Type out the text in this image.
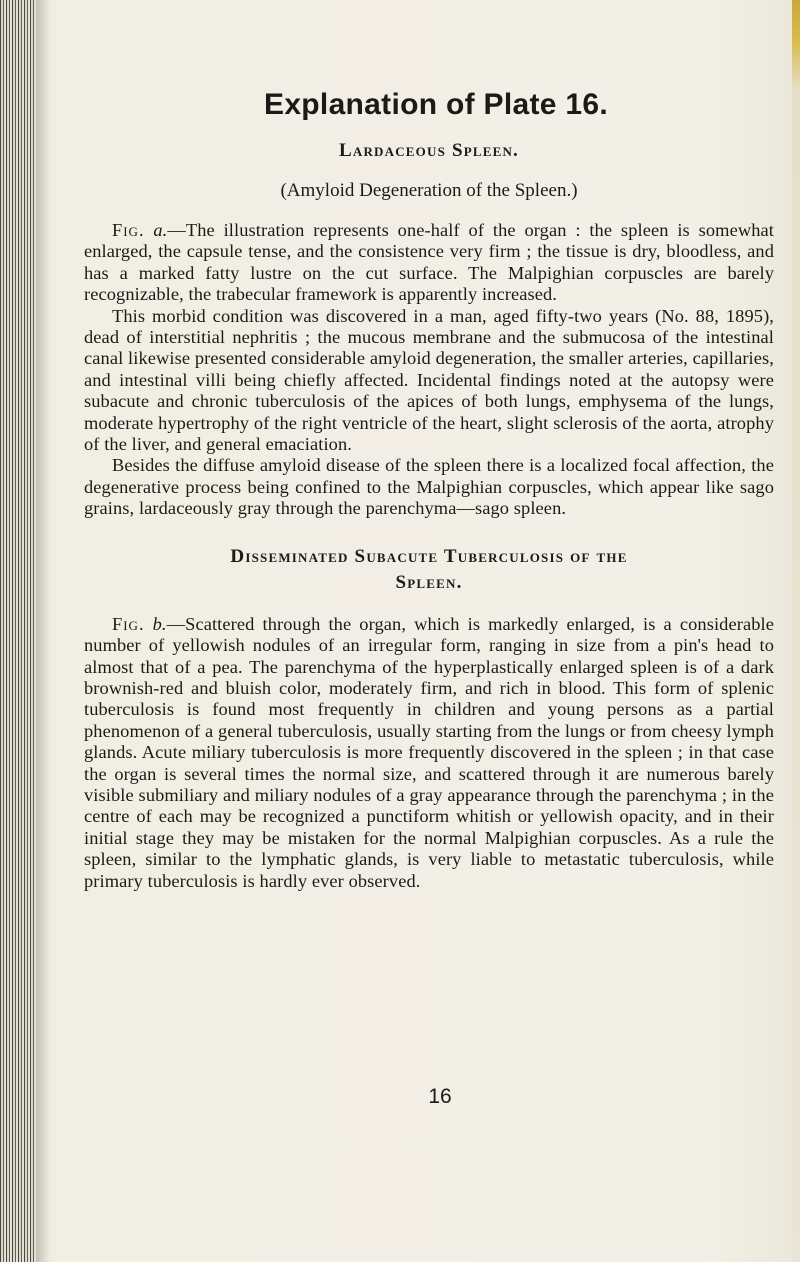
Explanation of Plate 16.
Lardaceous Spleen.
(Amyloid Degeneration of the Spleen.)

Fig. a.—The illustration represents one-half of the organ : the spleen is somewhat enlarged, the capsule tense, and the consistence very firm ; the tissue is dry, bloodless, and has a marked fatty lustre on the cut surface. The Malpighian corpuscles are barely recognizable, the trabecular framework is apparently increased.

This morbid condition was discovered in a man, aged fifty-two years (No. 88, 1895), dead of interstitial nephritis ; the mucous membrane and the submucosa of the intestinal canal likewise presented considerable amyloid degeneration, the smaller arteries, capillaries, and intestinal villi being chiefly affected. Incidental findings noted at the autopsy were subacute and chronic tuberculosis of the apices of both lungs, emphysema of the lungs, moderate hypertrophy of the right ventricle of the heart, slight sclerosis of the aorta, atrophy of the liver, and general emaciation.

Besides the diffuse amyloid disease of the spleen there is a localized focal affection, the degenerative process being confined to the Malpighian corpuscles, which appear like sago grains, lardaceously gray through the parenchyma—sago spleen.

Disseminated Subacute Tuberculosis of the
Spleen.

Fig. b.—Scattered through the organ, which is markedly enlarged, is a considerable number of yellowish nodules of an irregular form, ranging in size from a pin's head to almost that of a pea. The parenchyma of the hyperplastically enlarged spleen is of a dark brownish-red and bluish color, moderately firm, and rich in blood. This form of splenic tuberculosis is found most frequently in children and young persons as a partial phenomenon of a general tuberculosis, usually starting from the lungs or from cheesy lymph glands. Acute miliary tuberculosis is more frequently discovered in the spleen ; in that case the organ is several times the normal size, and scattered through it are numerous barely visible submiliary and miliary nodules of a gray appearance through the parenchyma ; in the centre of each may be recognized a punctiform whitish or yellowish opacity, and in their initial stage they may be mistaken for the normal Malpighian corpuscles. As a rule the spleen, similar to the lymphatic glands, is very liable to metastatic tuberculosis, while primary tuberculosis is hardly ever observed.

16
